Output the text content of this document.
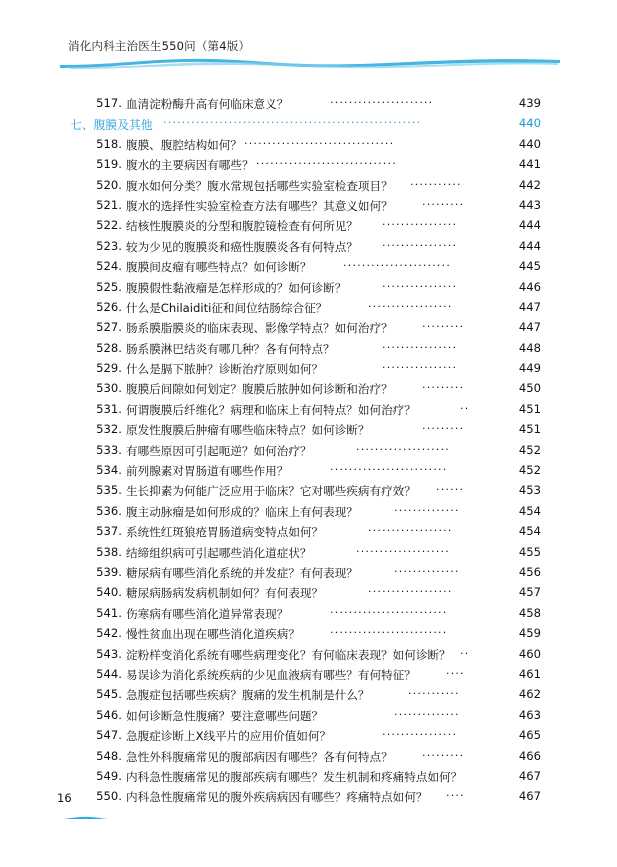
消化内科主治医生550问（第4版）
517. 血清淀粉酶升高有何临床意义？	······················	439
七、腹膜及其他 ·······················································	440
518. 腹膜、腹腔结构如何？ ································	440
519. 腹水的主要病因有哪些？ ······························	441
520. 腹水如何分类？腹水常规包括哪些实验室检查项目？ ···········	442
521. 腹水的选择性实验室检查方法有哪些？其意义如何？	·········	443
522. 结核性腹膜炎的分型和腹腔镜检查有何所见？ ················	444
523. 较为少见的腹膜炎和癌性腹膜炎各有何特点？ ················	444
524. 腹膜间皮瘤有哪些特点？如何诊断？	·······················	445
525. 腹膜假性黏液瘤是怎样形成的？如何诊断？	················	446
526. 什么是Chilaiditi征和间位结肠综合征？	··················	447
527. 肠系膜脂膜炎的临床表现、影像学特点？如何治疗？	·········	447
528. 肠系膜淋巴结炎有哪几种？各有何特点？	················	448
529. 什么是膈下脓肿？诊断治疗原则如何？	················	449
530. 腹膜后间隙如何划定？腹膜后脓肿如何诊断和治疗？	·········	450
531. 何谓腹膜后纤维化？病理和临床上有何特点？如何治疗？	··	451
532. 原发性腹膜后肿瘤有哪些临床特点？如何诊断？	·········	451
533. 有哪些原因可引起呃逆？如何治疗？	····················	452
534. 前列腺素对胃肠道有哪些作用？	·························	452
535. 生长抑素为何能广泛应用于临床？它对哪些疾病有疗效？ ······	453
536. 腹主动脉瘤是如何形成的？临床上有何表现？	··············	454
537. 系统性红斑狼疮胃肠道病变特点如何？	··················	454
538. 结缔组织病可引起哪些消化道症状？	····················	455
539. 糖尿病有哪些消化系统的并发症？有何表现？	··············	456
540. 糖尿病肠病发病机制如何？有何表现？	··················	457
541. 伤寒病有哪些消化道异常表现？	·························	458
542. 慢性贫血出现在哪些消化道疾病？	·························	459
543. 淀粉样变消化系统有哪些病理变化？有何临床表现？如何诊断？ ··	460
544. 易误诊为消化系统疾病的少见血液病有哪些？有何特征？	····	461
545. 急腹症包括哪些疾病？腹痛的发生机制是什么？	···········	462
546. 如何诊断急性腹痛？要注意哪些问题？	··············	463
547. 急腹症诊断上X线平片的应用价值如何？	················	465
548. 急性外科腹痛常见的腹部病因有哪些？各有何特点？	·········	466
549. 内科急性腹痛常见的腹部疾病有哪些？发生机制和疼痛特点如何？	467
550. 内科急性腹痛常见的腹外疾病病因有哪些？疼痛特点如何？ ····	467
16
